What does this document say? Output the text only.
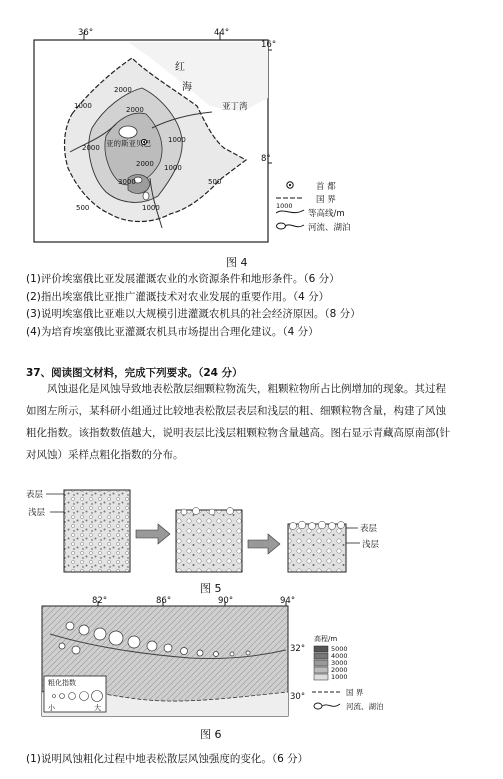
36°	44°
16°
8°
红
海
亚丁湾
亚的斯亚贝巴
2000
1000	2000
1000
2000
2000 1000
3000
1000
500
500
首 都
国 界
1000
等高线/m
河流、湖泊
图 4
(1)评价埃塞俄比亚发展灌溉农业的水资源条件和地形条件。（6 分）
(2)指出埃塞俄比亚推广灌溉技术对农业发展的重要作用。（4 分）
(3)说明埃塞俄比亚难以大规模引进灌溉农机具的社会经济原因。（8 分）
(4)为培育埃塞俄比亚灌溉农机具市场提出合理化建议。（4 分）
37、阅读图文材料，完成下列要求。（24 分）
风蚀退化是风蚀导致地表松散层细颗粒物流失，粗颗粒物所占比例增加的现象。其过程
如图左所示，某科研小组通过比较地表松散层表层和浅层的粗、细颗粒物含量，构建了风蚀
粗化指数。该指数数值越大，说明表层比浅层粗颗粒物含量越高。图右显示青藏高原南部(针
对风蚀）采样点粗化指数的分布。
表层
浅层
表层
浅层
图 5
82°	86°	90°	94°
32°
30°
粗化指数
小	大
高程/m
5000
4000
3000
2000
1000
国 界
河流、湖泊
图 6
(1)说明风蚀粗化过程中地表松散层风蚀强度的变化。（6 分）
